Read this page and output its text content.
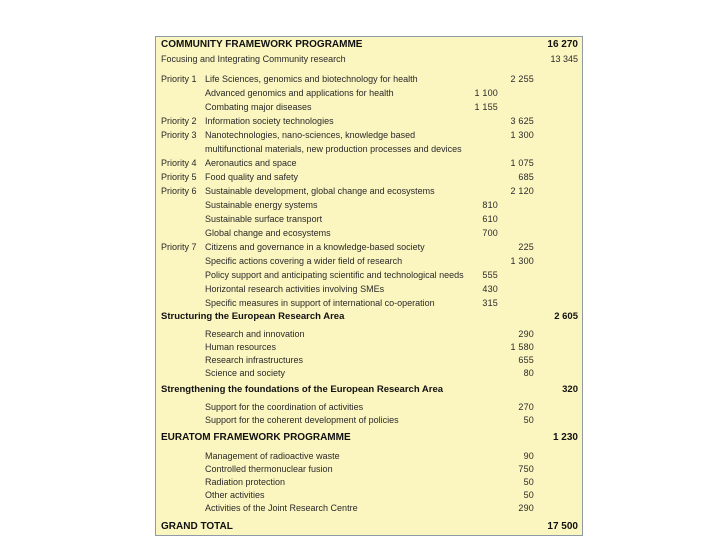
COMMUNITY FRAMEWORK PROGRAMME	16 270
Focusing and Integrating Community research	13 345
Priority 1 Life Sciences, genomics and biotechnology for health	2 255
Advanced genomics and applications for health	1 100
Combating major diseases	1 155
Priority 2 Information society technologies	3 625
Priority 3 Nanotechnologies, nano-sciences, knowledge based	1 300
multifunctional materials, new production processes and devices
Priority 4 Aeronautics and space	1 075
Priority 5 Food quality and safety	685
Priority 6 Sustainable development, global change and ecosystems	2 120
Sustainable energy systems	810
Sustainable surface transport	610
Global change and ecosystems	700
Priority 7 Citizens and governance in a knowledge-based society	225
Specific actions covering a wider field of research	1 300
Policy support and anticipating scientific and technological needs 555
Horizontal research activities involving SMEs	430
Specific measures in support of international co-operation	315
Structuring the European Research Area	2 605
Research and innovation	290
Human resources	1 580
Research infrastructures	655
Science and society	80
Strengthening the foundations of the European Research Area	320
Support for the coordination of activities	270
Support for the coherent development of policies	50
EURATOM FRAMEWORK PROGRAMME	1 230
Management of radioactive waste	90
Controlled thermonuclear fusion	750
Radiation protection	50
Other activities	50
Activities of the Joint Research Centre	290
GRAND TOTAL	17 500
